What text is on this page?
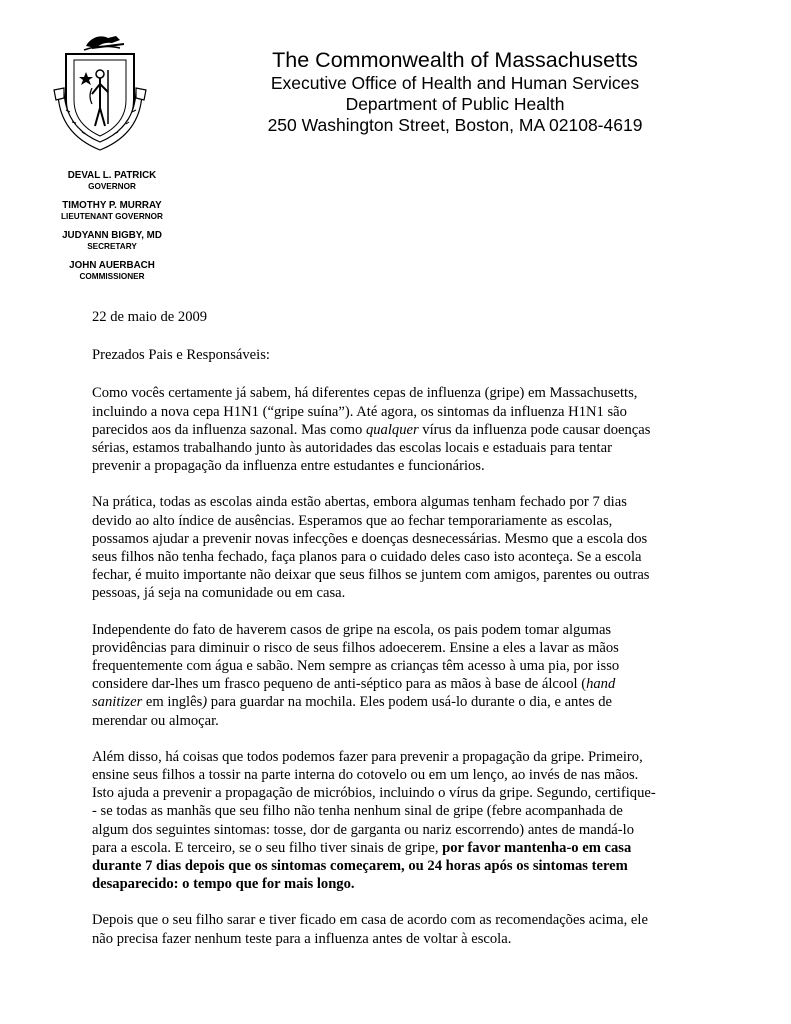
The Commonwealth of Massachusetts
Executive Office of Health and Human Services
Department of Public Health
250 Washington Street, Boston, MA 02108-4619
DEVAL L. PATRICK
GOVERNOR
TIMOTHY P. MURRAY
LIEUTENANT GOVERNOR
JUDYANN BIGBY, MD
SECRETARY
JOHN AUERBACH
COMMISSIONER

22 de maio de 2009

Prezados Pais e Responsáveis:

Como vocês certamente já sabem, há diferentes cepas de influenza (gripe) em Massachusetts,
incluindo a nova cepa H1N1 (“gripe suína”). Até agora, os sintomas da influenza H1N1 são
parecidos aos da influenza sazonal. Mas como qualquer vírus da influenza pode causar doenças
sérias, estamos trabalhando junto às autoridades das escolas locais e estaduais para tentar
prevenir a propagação da influenza entre estudantes e funcionários.

Na prática, todas as escolas ainda estão abertas, embora algumas tenham fechado por 7 dias
devido ao alto índice de ausências. Esperamos que ao fechar temporariamente as escolas,
possamos ajudar a prevenir novas infecções e doenças desnecessárias. Mesmo que a escola dos
seus filhos não tenha fechado, faça planos para o cuidado deles caso isto aconteça. Se a escola
fechar, é muito importante não deixar que seus filhos se juntem com amigos, parentes ou outras
pessoas, já seja na comunidade ou em casa.

Independente do fato de haverem casos de gripe na escola, os pais podem tomar algumas
providências para diminuir o risco de seus filhos adoecerem. Ensine a eles a lavar as mãos
frequentemente com água e sabão. Nem sempre as crianças têm acesso à uma pia, por isso
considere dar-lhes um frasco pequeno de anti-séptico para as mãos à base de álcool (hand
sanitizer em inglês) para guardar na mochila. Eles podem usá-lo durante o dia, e antes de
merendar ou almoçar.

Além disso, há coisas que todos podemos fazer para prevenir a propagação da gripe. Primeiro,
ensine seus filhos a tossir na parte interna do cotovelo ou em um lenço, ao invés de nas mãos.
Isto ajuda a prevenir a propagação de micróbios, incluindo o vírus da gripe. Segundo, certifique-
- se todas as manhãs que seu filho não tenha nenhum sinal de gripe (febre acompanhada de
algum dos seguintes sintomas: tosse, dor de garganta ou nariz escorrendo) antes de mandá-lo
para a escola. E terceiro, se o seu filho tiver sinais de gripe, por favor mantenha-o em casa
durante 7 dias depois que os sintomas começarem, ou 24 horas após os sintomas terem
desaparecido: o tempo que for mais longo.

Depois que o seu filho sarar e tiver ficado em casa de acordo com as recomendações acima, ele
não precisa fazer nenhum teste para a influenza antes de voltar à escola.
